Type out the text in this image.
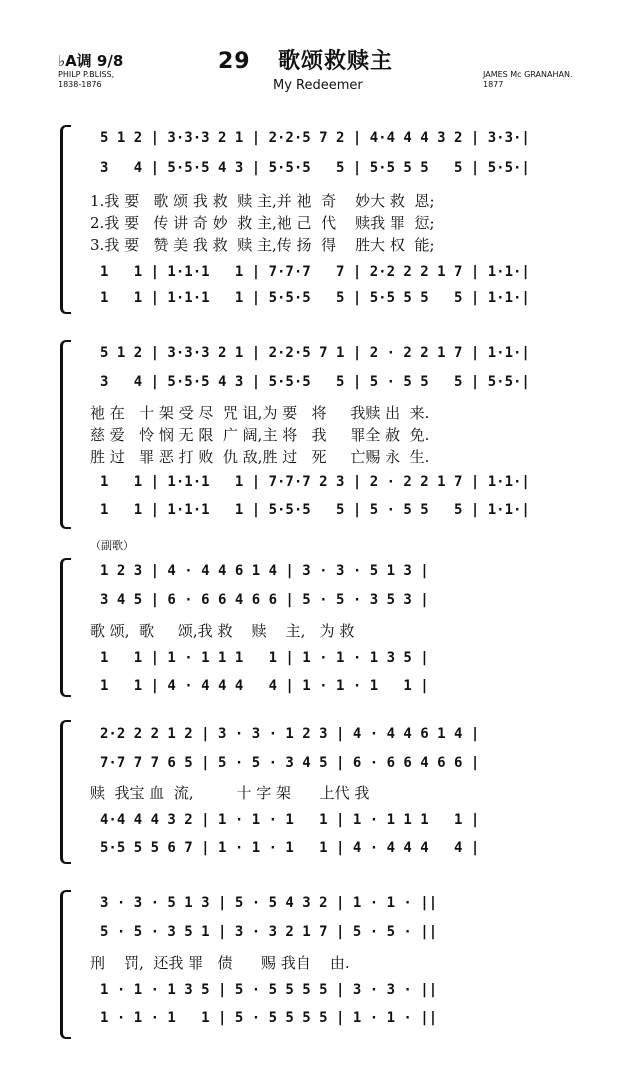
♭A调 9/8
PHILP P.BLISS,
1838-1876
29 歌颂救赎主
My Redeemer
JAMES Mc GRANAHAN.
1877
5 1 2 | 3·3·3 2 1 | 2·2·5 7 2 | 4·4 4 4 3 2 | 3·3·|
3   4 | 5·5·5 4 3 | 5·5·5   5 | 5·5 5 5   5 | 5·5·|
1.我 要   歌 颂 我 救  赎 主,并 祂  奇    妙大 救  恩;
2.我 要   传 讲 奇 妙  救 主,祂 己  代    赎我 罪  愆;
3.我 要   赞 美 我 救  赎 主,传 扬  得    胜大 权  能;
1   1 | 1·1·1   1 | 7·7·7   7 | 2·2 2 2 1 7 | 1·1·|
1   1 | 1·1·1   1 | 5·5·5   5 | 5·5 5 5   5 | 1·1·|
5 1 2 | 3·3·3 2 1 | 2·2·5 7 1 | 2 · 2 2 1 7 | 1·1·|
3   4 | 5·5·5 4 3 | 5·5·5   5 | 5 · 5 5   5 | 5·5·|
祂 在   十 架 受 尽  咒 诅,为 要   将     我赎 出  来.
慈 爱   怜 悯 无 限  广 阔,主 将   我     罪全 赦  免.
胜 过   罪 恶 打 败  仇 敌,胜 过   死     亡赐 永  生.
1   1 | 1·1·1   1 | 7·7·7 2 3 | 2 · 2 2 1 7 | 1·1·|
1   1 | 1·1·1   1 | 5·5·5   5 | 5 · 5 5   5 | 1·1·|
（副歌）
1 2 3 | 4 · 4 4 6 1 4 | 3 · 3 · 5 1 3 |
3 4 5 | 6 · 6 6 4 6 6 | 5 · 5 · 3 5 3 |
歌 颂,  歌     颂,我 救    赎    主,   为 救
1   1 | 1 · 1 1 1   1 | 1 · 1 · 1 3 5 |
1   1 | 4 · 4 4 4   4 | 1 · 1 · 1   1 |
2·2 2 2 1 2 | 3 · 3 · 1 2 3 | 4 · 4 4 6 1 4 |
7·7 7 7 6 5 | 5 · 5 · 3 4 5 | 6 · 6 6 4 6 6 |
赎  我宝 血  流,         十 字 架      上代 我
4·4 4 4 3 2 | 1 · 1 · 1   1 | 1 · 1 1 1   1 |
5·5 5 5 6 7 | 1 · 1 · 1   1 | 4 · 4 4 4   4 |
3 · 3 · 5 1 3 | 5 · 5 4 3 2 | 1 · 1 · ||
5 · 5 · 3 5 1 | 3 · 3 2 1 7 | 5 · 5 · ||
刑    罚,  还我 罪   债      赐 我自    由.
1 · 1 · 1 3 5 | 5 · 5 5 5 5 | 3 · 3 · ||
1 · 1 · 1   1 | 5 · 5 5 5 5 | 1 · 1 · ||
